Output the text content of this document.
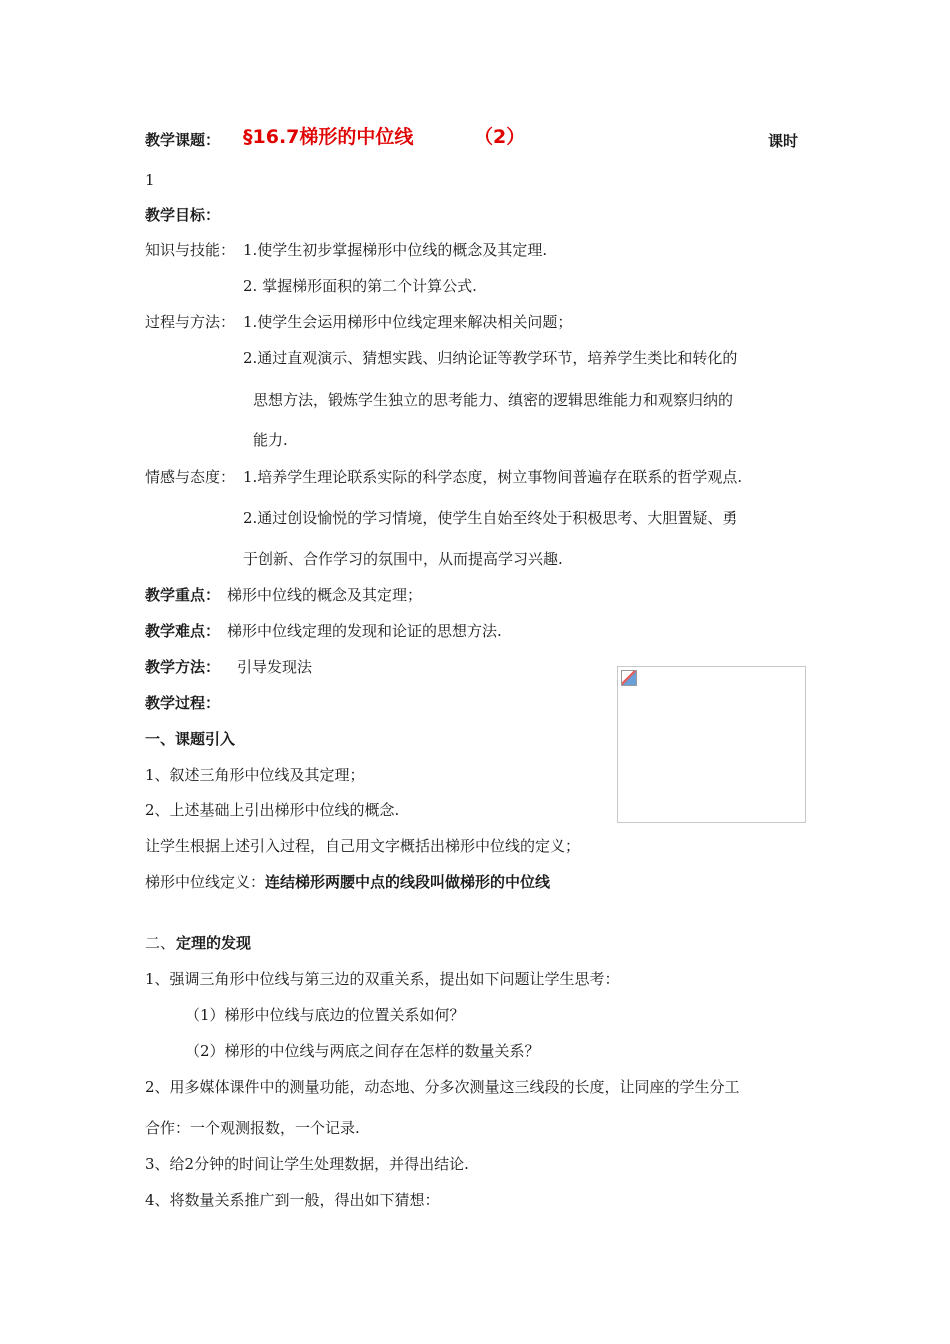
教学课题： §16.7梯形的中位线	（2）	课时
1
教学目标：
知识与技能： 1.使学生初步掌握梯形中位线的概念及其定理.
2. 掌握梯形面积的第二个计算公式.
过程与方法： 1.使学生会运用梯形中位线定理来解决相关问题；
2.通过直观演示、猜想实践、归纳论证等教学环节，培养学生类比和转化的
思想方法，锻炼学生独立的思考能力、缜密的逻辑思维能力和观察归纳的
能力.
情感与态度： 1.培养学生理论联系实际的科学态度，树立事物间普遍存在联系的哲学观点.
2.通过创设愉悦的学习情境，使学生自始至终处于积极思考、大胆置疑、勇
于创新、合作学习的氛围中，从而提高学习兴趣.
教学重点： 梯形中位线的概念及其定理；
教学难点： 梯形中位线定理的发现和论证的思想方法.
教学方法： 引导发现法
教学过程：
一、课题引入
1、叙述三角形中位线及其定理；
2、上述基础上引出梯形中位线的概念.
让学生根据上述引入过程，自己用文字概括出梯形中位线的定义；
梯形中位线定义： 连结梯形两腰中点的线段叫做梯形的中位线
二、 定理的发现
1、强调三角形中位线与第三边的双重关系，提出如下问题让学生思考：
（1）梯形中位线与底边的位置关系如何？
（2）梯形的中位线与两底之间存在怎样的数量关系？
2、用多媒体课件中的测量功能，动态地、分多次测量这三线段的长度，让同座的学生分工
合作：一个观测报数，一个记录.
3、给2分钟的时间让学生处理数据，并得出结论.
4、将数量关系推广到一般，得出如下猜想：
